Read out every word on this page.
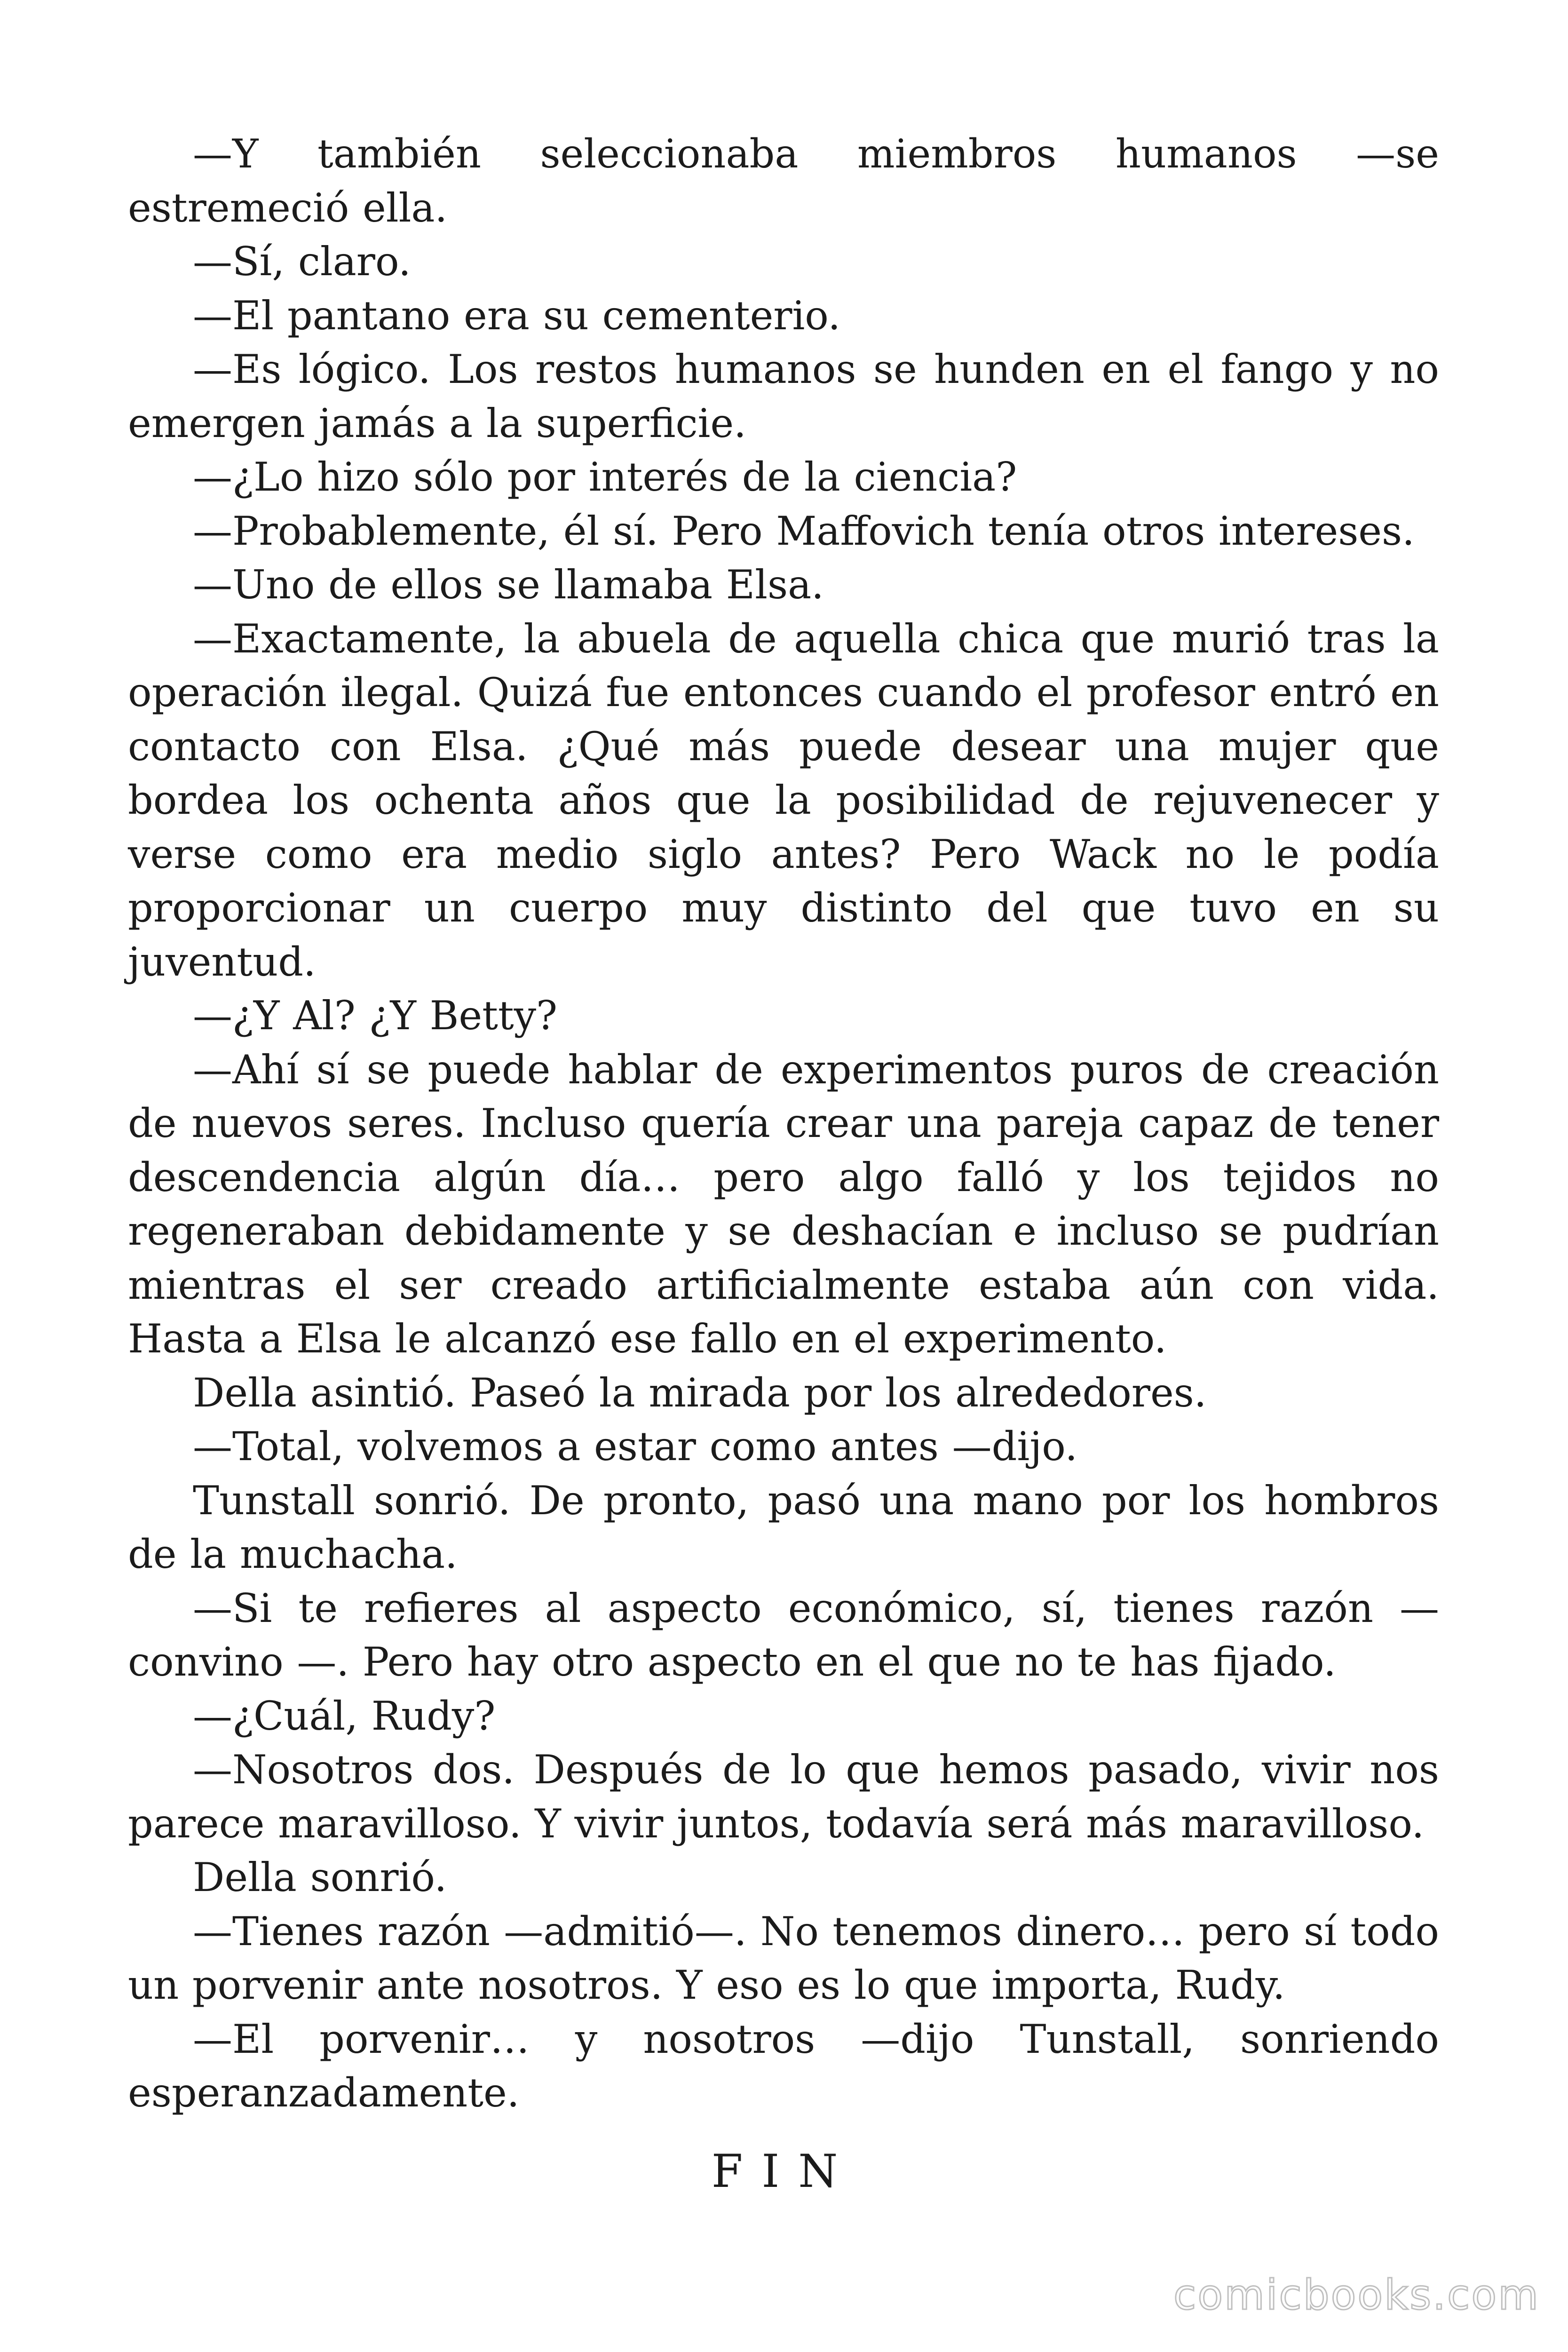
—Y también seleccionaba miembros humanos —se estremeció ella.

—Sí, claro.

—El pantano era su cementerio.

—Es lógico. Los restos humanos se hunden en el fango y no emergen jamás a la superficie.

—¿Lo hizo sólo por interés de la ciencia?

—Probablemente, él sí. Pero Maffovich tenía otros intereses.

—Uno de ellos se llamaba Elsa.

—Exactamente, la abuela de aquella chica que murió tras la operación ilegal. Quizá fue entonces cuando el profesor entró en contacto con Elsa. ¿Qué más puede desear una mujer que bordea los ochenta años que la posibilidad de rejuvenecer y verse como era medio siglo antes? Pero Wack no le podía proporcionar un cuerpo muy distinto del que tuvo en su juventud.

—¿Y Al? ¿Y Betty?

—Ahí sí se puede hablar de experimentos puros de creación de nuevos seres. Incluso quería crear una pareja capaz de tener descendencia algún día… pero algo falló y los tejidos no regeneraban debidamente y se deshacían e incluso se pudrían mientras el ser creado artificialmente estaba aún con vida. Hasta a Elsa le alcanzó ese fallo en el experimento.

Della asintió. Paseó la mirada por los alrededores.

—Total, volvemos a estar como antes —dijo.

Tunstall sonrió. De pronto, pasó una mano por los hombros de la muchacha.

—Si te refieres al aspecto económico, sí, tienes razón —convino —. Pero hay otro aspecto en el que no te has fijado.

—¿Cuál, Rudy?

—Nosotros dos. Después de lo que hemos pasado, vivir nos parece maravilloso. Y vivir juntos, todavía será más maravilloso.

Della sonrió.

—Tienes razón —admitió—. No tenemos dinero… pero sí todo un porvenir ante nosotros. Y eso es lo que importa, Rudy.

—El porvenir… y nosotros —dijo Tunstall, sonriendo esperanzadamente.

FIN
comicbooks.com
